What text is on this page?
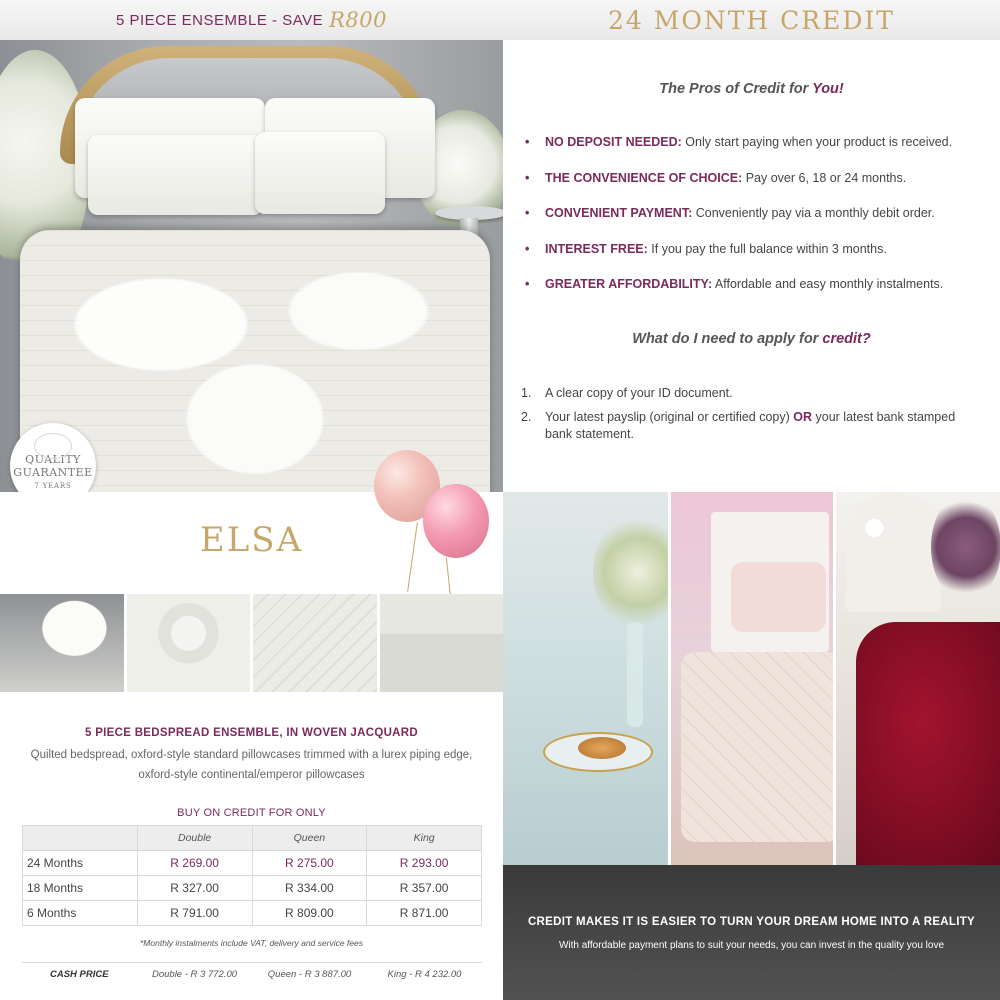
5 PIECE ENSEMBLE - SAVE R800	24 MONTH CREDIT
QUALITY
GUARANTEE
7 YEARS
The Pros of Credit for You!
• NO DEPOSIT NEEDED: Only start paying when your product is received.
• THE CONVENIENCE OF CHOICE: Pay over 6, 18 or 24 months.
• CONVENIENT PAYMENT: Conveniently pay via a monthly debit order.
• INTEREST FREE: If you pay the full balance within 3 months.
• GREATER AFFORDABILITY: Affordable and easy monthly instalments.
What do I need to apply for credit?
1. A clear copy of your ID document.
2. Your latest payslip (original or certified copy) OR your latest bank stamped bank statement.
ELSA
5 PIECE BEDSPREAD ENSEMBLE, IN WOVEN JACQUARD
Quilted bedspread, oxford-style standard pillowcases trimmed with a lurex piping edge,
oxford-style continental/emperor pillowcases
BUY ON CREDIT FOR ONLY
	Double	Queen	King
24 Months	R 269.00	R 275.00	R 293.00
18 Months	R 327.00	R 334.00	R 357.00
6 Months	R 791.00	R 809.00	R 871.00
*Monthly instalments include VAT, delivery and service fees
CASH PRICE	Double - R 3 772.00	Queen - R 3 887.00	King - R 4 232.00
CREDIT MAKES IT IS EASIER TO TURN YOUR DREAM HOME INTO A REALITY
With affordable payment plans to suit your needs, you can invest in the quality you love
